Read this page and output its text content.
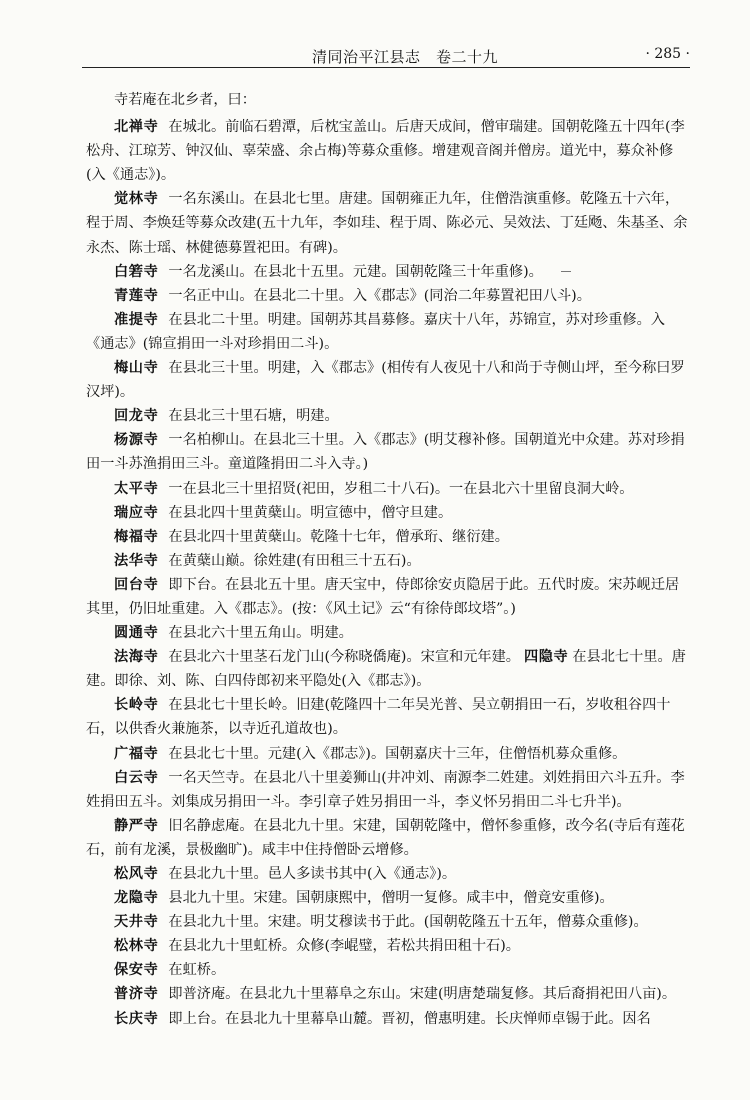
清同治平江县志　卷二十九	· 285 ·

寺若庵在北乡者，曰：

北禅寺 在城北。前临石碧潭，后枕宝盖山。后唐天成间，僧审瑞建。国朝乾隆五十四年(李松舟、江琼芳、钟汉仙、辜荣盛、余占梅)等募众重修。增建观音阁并僧房。道光中，募众补修(入《通志》)。

觉林寺 一名东溪山。在县北七里。唐建。国朝雍正九年，住僧浩演重修。乾隆五十六年，程于周、李焕廷等募众改建(五十九年，李如珪、程于周、陈必元、吴效法、丁廷飏、朱基圣、余永杰、陈士瑶、林健德募置祀田。有碑)。

白箬寺 一名龙溪山。在县北十五里。元建。国朝乾隆三十年重修)。

青莲寺 一名正中山。在县北二十里。入《郡志》(同治二年募置祀田八斗)。

准提寺 在县北二十里。明建。国朝苏其昌募修。嘉庆十八年，苏锦宣，苏对珍重修。入《通志》(锦宣捐田一斗对珍捐田二斗)。

梅山寺 在县北三十里。明建，入《郡志》(相传有人夜见十八和尚于寺侧山坪，至今称曰罗汉坪)。

回龙寺 在县北三十里石塘，明建。

杨源寺 一名柏柳山。在县北三十里。入《郡志》(明艾穆补修。国朝道光中众建。苏对珍捐田一斗苏渔捐田三斗。童道隆捐田二斗入寺。)

太平寺 一在县北三十里招贤(祀田，岁租二十八石)。一在县北六十里留良洞大岭。

瑞应寺 在县北四十里黄蘖山。明宣德中，僧守旦建。

梅福寺 在县北四十里黄蘖山。乾隆十七年，僧承珩、继衍建。

法华寺 在黄蘖山巅。徐姓建(有田租三十五石)。

回台寺 即下台。在县北五十里。唐天宝中，侍郎徐安贞隐居于此。五代时废。宋苏岘迁居其里，仍旧址重建。入《郡志》。(按：《风土记》云“有徐侍郎坟塔”。)

圆通寺 在县北六十里五角山。明建。

法海寺 在县北六十里茎石龙门山(今称晓僑庵)。宋宣和元年建。 四隐寺 在县北七十里。唐建。即徐、刘、陈、白四侍郎初来平隐处(入《郡志》)。

长岭寺 在县北七十里长岭。旧建(乾隆四十二年吴光普、吴立朝捐田一石，岁收租谷四十石，以供香火兼施茶，以寺近孔道故也)。

广福寺 在县北七十里。元建(入《郡志》)。国朝嘉庆十三年，住僧悟机募众重修。

白云寺 一名天竺寺。在县北八十里姜狮山(井冲刘、南源李二姓建。刘姓捐田六斗五升。李姓捐田五斗。刘集成另捐田一斗。李引章子姓另捐田一斗，李义怀另捐田二斗七升半)。

静严寺 旧名静虑庵。在县北九十里。宋建，国朝乾隆中，僧怀参重修，改今名(寺后有莲花石，前有龙溪，景极幽旷)。咸丰中住持僧卧云增修。

松风寺 在县北九十里。邑人多读书其中(入《通志》)。

龙隐寺 县北九十里。宋建。国朝康熙中，僧明一复修。咸丰中，僧竟安重修)。

天井寺 在县北九十里。宋建。明艾穆读书于此。(国朝乾隆五十五年，僧募众重修)。

松林寺 在县北九十里虹桥。众修(李崐璧，若松共捐田租十石)。

保安寺 在虹桥。

普济寺 即普济庵。在县北九十里幕阜之东山。宋建(明唐楚瑞复修。其后裔捐祀田八亩)。

长庆寺 即上台。在县北九十里幕阜山麓。晋初，僧惠明建。长庆惮师卓锡于此。因名
